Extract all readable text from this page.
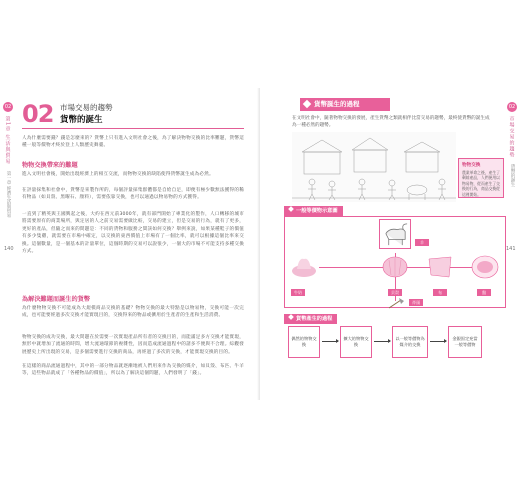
02
第1章 生活與貿易
第一章 經濟生活與貿易
140
02 市場交易的趨勢
貨幣的誕生
人為什麼需要錢？錢是怎麼來的？貨幣上只有進入文明社會之後，為了解決物物交換的比率難題，貨幣這種一般等價物才終於登上人類歷史舞臺。
物物交換帶來的難題
進入文明社會後，開始出現經濟上的相互交流，而物物交換的缺陷使得貨幣誕生成為必然。
在評量採集和社會中，貨幣是來製作所的，每個評量採集群體都是自給自足，即便有極少數無法獲得的稀有物品（如貝殼、黑曜石、顏料），需要依靠交換，也可以通過以物易物的方式獲得。
一直到了精英與王國興起之後，大約在西元前3000年，就有部門開始了專業化的製作，人口轉移的城市將需要原有的商業場所，與定居的人之前交易需要做比較，交易的建立，但是交易的行為，就有了更多，更好的產品，但隨之而來的問題是：不同的貨物和服務之間該如何交換？舉例來說，如果某種鞋子的價值有多少隻雞，就需要在市場中確定，以交換的東西價值上市場有了一個比率，就可以根據這個比率來交換。這個數量，是一個基本的計量單位，這個時期的交易可以說很少，一個大的市場不可能支持多種交換方式。
為解決難題而誕生的貨幣
為什麼物物交換不可能成為大規模商品交換的基礎？物物交換的最大特點是以物易物，交換可能一次完成，也可能要經過多次交換才能實現目的，交換得來的物品或擴用於生產者的生產和生活消費。
物物交換的成功交換，最大問題在於需要一次實現產品所有者的交換目的，而能滿足多方交換才能實現，無形中就增加了流通的時間，增大流通環節的複雜性，因而造成流通過程中的諸多不便與不合理。綜觀發展歷史上所出現的交易，是多個需要進行交換的商品，再經過了多次的交換，才能實現交換的目的。
在這樣的商品流通過程中，其中的一部分物品就逐漸地被人們用來作為交換的媒介，如貝殼、布匹、牛羊等，這些物品就成了「各種物品的價值」，所以為了解決這個問題，人們發明了「錢」。
02
市場交易的趨勢
貨幣的誕生
141
貨幣誕生的過程
在文明社會中，隨著物物交換的發展，產生貨幣之類就相伴比當交易的趨勢，最終使貨幣的誕生成為一種必然的趨勢。
物物交換
農業革命之後，產生了剩餘產品，人們便用以物易物，從而產生了交換的行為，商品交換從這裡開始。
一般等價物示意圖
羊
牛奶	貝殼	布	盤
斧頭
貨幣產生的過程
偶然的物物交換
擴大的物物交換
以一般等價物為媒介的交換
金銀固定充當一般等價物
